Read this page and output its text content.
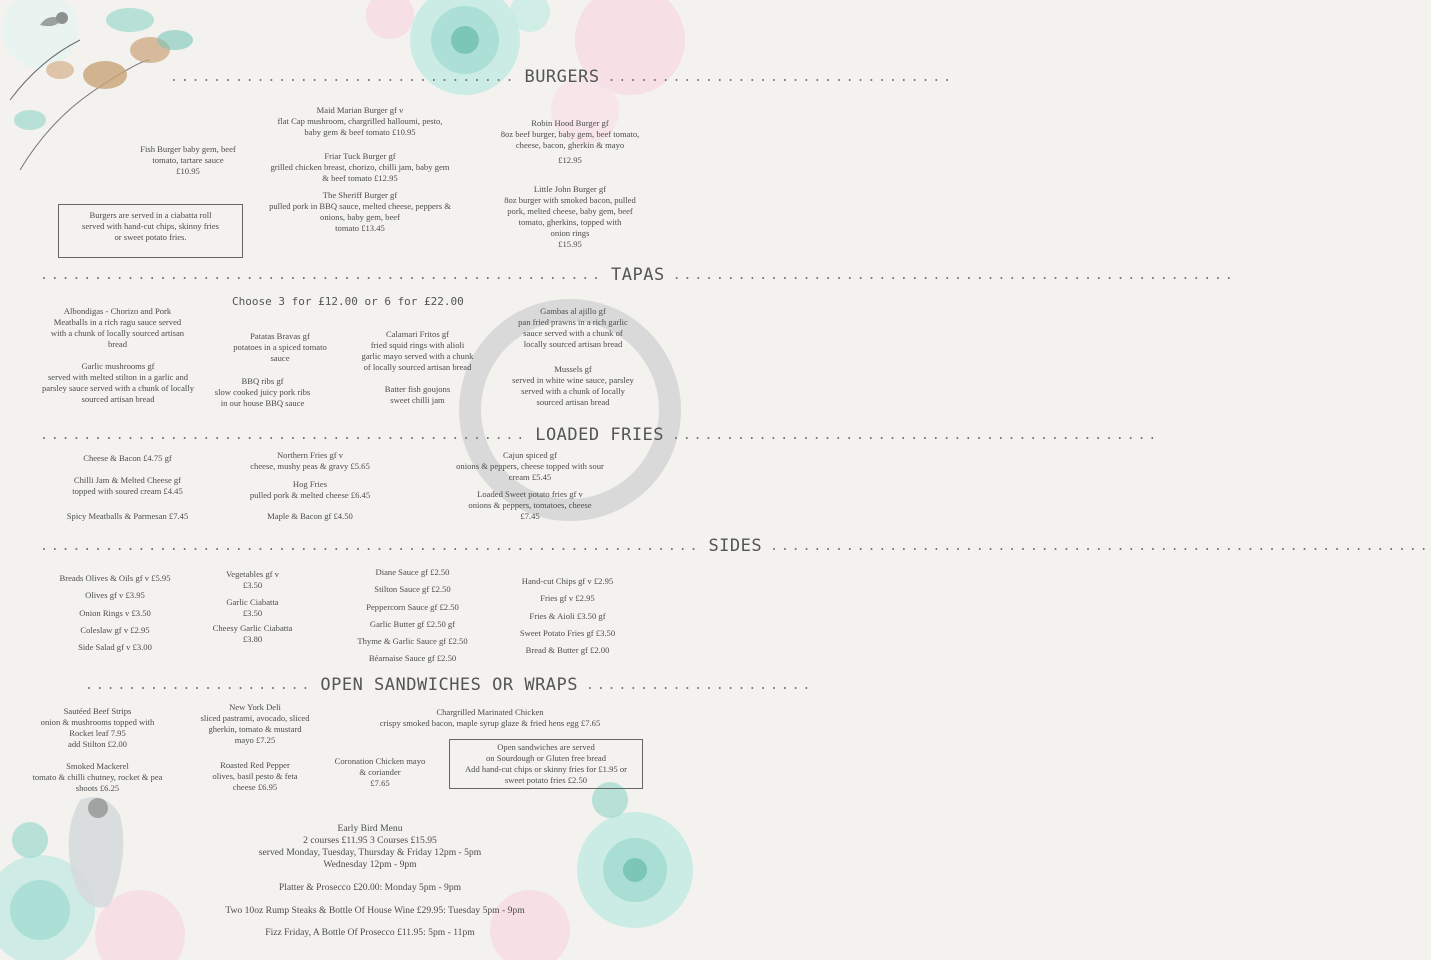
................................ BURGERS ................................
Fish Burger baby gem, beef
tomato, tartare sauce
£10.95
Maid Marian Burger gf v
flat Cap mushroom, chargrilled halloumi, pesto,
baby gem & beef tomato £10.95
Friar Tuck Burger gf
grilled chicken breast, chorizo, chilli jam, baby gem
& beef tomato £12.95
The Sheriff Burger gf
pulled pork in BBQ sauce, melted cheese, peppers &
onions, baby gem, beef
tomato £13.45
Robin Hood Burger gf
8oz beef burger, baby gem, beef tomato,
cheese, bacon, gherkin & mayo
£12.95
Little John Burger gf
8oz burger with smoked bacon, pulled
pork, melted cheese, baby gem, beef
tomato, gherkins, topped with
onion rings
£15.95
Burgers are served in a ciabatta roll
served with hand-cut chips, skinny fries
or sweet potato fries.
.................................................... TAPAS ....................................................
Choose 3 for £12.00 or 6 for £22.00
Albondigas - Chorizo and Pork
Meatballs in a rich ragu sauce served
with a chunk of locally sourced artisan
bread
Garlic mushrooms gf
served with melted stilton in a garlic and
parsley sauce served with a chunk of locally
sourced artisan bread
Patatas Bravas gf
potatoes in a spiced tomato
sauce
BBQ ribs gf
slow cooked juicy pork ribs
in our house BBQ sauce
Calamari Fritos gf
fried squid rings with alioli
garlic mayo served with a chunk
of locally sourced artisan bread
Batter fish goujons
sweet chilli jam
Gambas al ajillo gf
pan fried prawns in a rich garlic
sauce served with a chunk of
locally sourced artisan bread
Mussels gf
served in white wine sauce, parsley
served with a chunk of locally
sourced artisan bread
............................................. LOADED FRIES .............................................
Cheese & Bacon £4.75 gf
Chilli Jam & Melted Cheese gf
topped with soured cream £4.45
Spicy Meatballs & Parmesan £7.45
Northern Fries gf v
cheese, mushy peas & gravy £5.65
Hog Fries
pulled pork & melted cheese £6.45
Maple & Bacon gf £4.50
Cajun spiced gf
onions & peppers, cheese topped with sour
cream £5.45
Loaded Sweet potato fries gf v
onions & peppers, tomatoes, cheese
£7.45
............................................................. SIDES .............................................................
Breads Olives & Oils gf v £5.95
Olives gf v £3.95
Onion Rings v £3.50
Coleslaw gf v £2.95
Side Salad gf v £3.00
Vegetables gf v
£3.50
Garlic Ciabatta
£3.50
Cheesy Garlic Ciabatta
£3.80
Diane Sauce gf £2.50
Stilton Sauce gf £2.50
Peppercorn Sauce gf £2.50
Garlic Butter gf £2.50 gf
Thyme & Garlic Sauce gf £2.50
Béarnaise Sauce gf £2.50
Hand-cut Chips gf v £2.95
Fries gf v £2.95
Fries & Aioli £3.50 gf
Sweet Potato Fries gf £3.50
Bread & Butter gf £2.00
..................... OPEN SANDWICHES OR WRAPS .....................
Sautéed Beef Strips
onion & mushrooms topped with
Rocket leaf 7.95
add Stilton £2.00
Smoked Mackerel
tomato & chilli chutney, rocket & pea
shoots £6.25
New York Deli
sliced pastrami, avocado, sliced
gherkin, tomato & mustard
mayo £7.25
Roasted Red Pepper
olives, basil pesto & feta
cheese £6.95
Coronation Chicken mayo
& coriander
£7.65
Chargrilled Marinated Chicken
crispy smoked bacon, maple syrup glaze & fried hens egg £7.65
Open sandwiches are served
on Sourdough or Gluten free bread
Add hand-cut chips or skinny fries for £1.95 or
sweet potato fries £2.50
Early Bird Menu
2 courses £11.95 3 Courses £15.95
served Monday, Tuesday, Thursday & Friday 12pm - 5pm
Wednesday 12pm - 9pm
Platter & Prosecco £20.00: Monday 5pm - 9pm
Two 10oz Rump Steaks & Bottle Of House Wine £29.95: Tuesday 5pm - 9pm
Fizz Friday, A Bottle Of Prosecco £11.95: 5pm - 11pm
